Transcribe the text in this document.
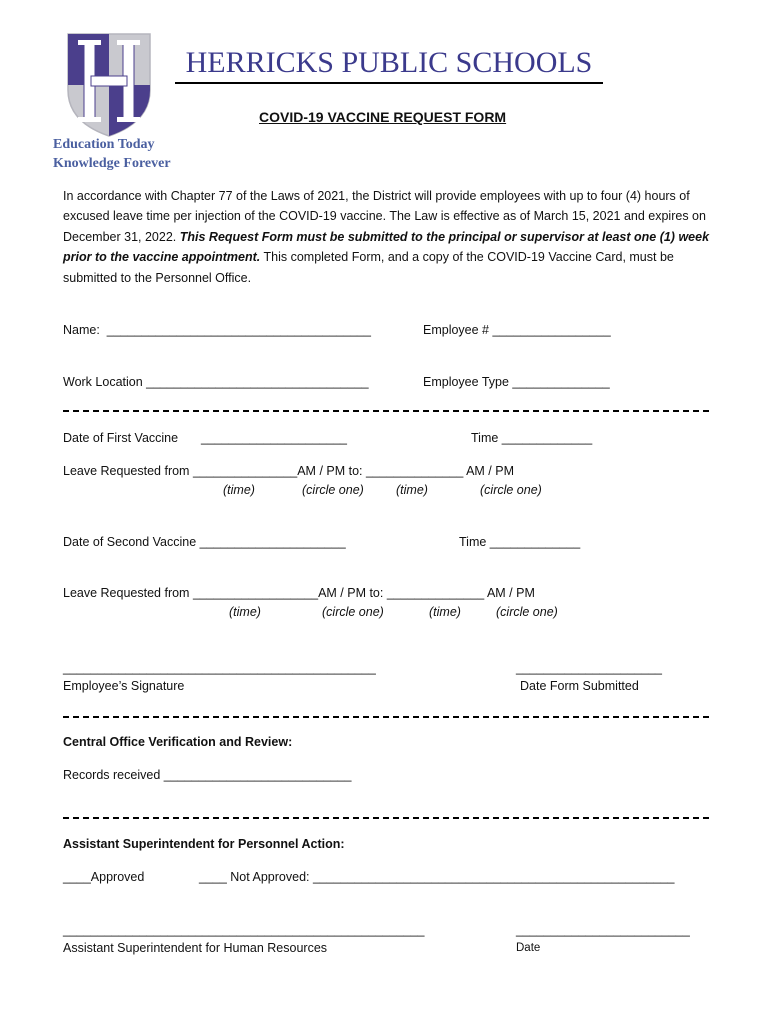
HERRICKS PUBLIC SCHOOLS
COVID-19 VACCINE REQUEST FORM
Education Today
Knowledge Forever
In accordance with Chapter 77 of the Laws of 2021, the District will provide employees with up to four (4) hours of excused leave time per injection of the COVID-19 vaccine. The Law is effective as of March 15, 2021 and expires on December 31, 2022. This Request Form must be submitted to the principal or supervisor at least one (1) week prior to the vaccine appointment. This completed Form, and a copy of the COVID-19 Vaccine Card, must be submitted to the Personnel Office.
Name:  ______________________________________	Employee # _________________
Work Location ________________________________	Employee Type ______________
Date of First Vaccine _____________________	Time _____________
Leave Requested from _______________AM / PM to: ______________ AM / PM
(time)	(circle one)	(time)	(circle one)
Date of Second Vaccine _____________________	Time _____________
Leave Requested from __________________AM / PM to: ______________ AM / PM
(time)	(circle one)	(time)	(circle one)
_____________________________________________	_____________________
Employee’s Signature	Date Form Submitted
Central Office Verification and Review:
Records received ___________________________
Assistant Superintendent for Personnel Action:
____Approved	____ Not Approved: ____________________________________________________
____________________________________________________	_________________________
Assistant Superintendent for Human Resources	Date
